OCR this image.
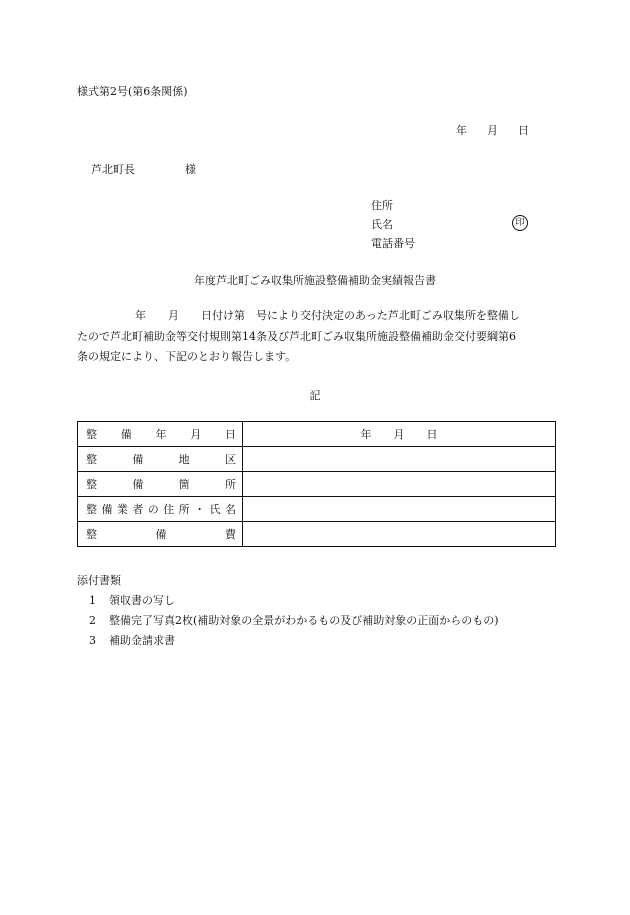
様式第2号(第6条関係)
年 月 日
芦北町長	様
住所
氏名
電話番号
印
年度芦北町ごみ収集所施設整備補助金実績報告書
年 月 日付け第 号により交付決定のあった芦北町ごみ収集所を整備し
たので芦北町補助金等交付規則第14条及び芦北町ごみ収集所施設整備補助金交付要綱第6
条の規定により、下記のとおり報告します。
記
整備年月日	年　　月　　日
整備地区	
整備箇所	
整備業者の住所・氏名	
整備費	
添付書類
1 領収書の写し
2 整備完了写真2枚(補助対象の全景がわかるもの及び補助対象の正面からのもの)
3 補助金請求書
